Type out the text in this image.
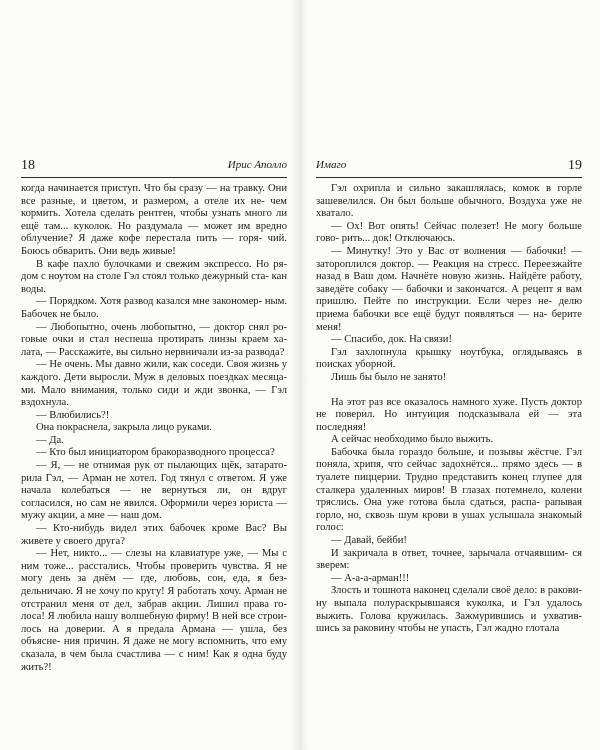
18	Ирис Аполло

когда начинается приступ. Что бы сразу — на травку. Они все разные, и цветом, и размером, а отеле их не- чем кормить. Хотела сделать рентген, чтобы узнать много ли ещё там... куколок. Но раздумала — может им вредно облучение? Я даже кофе перестала пить — горя- чий. Боюсь обварить. Они ведь живые!

В кафе пахло булочками и свежим экспрессо. Но ря- дом с ноутом на столе Гэл стоял только дежурный ста- кан воды.

— Порядком. Хотя развод казался мне закономер- ным. Бабочек не было.

— Любопытно, очень любопытно, — доктор снял ро- говые очки и стал неспеша протирать линзы краем ха- лата, — Расскажите, вы сильно нервничали из-за развода?

— Не очень. Мы давно жили, как соседи. Своя жизнь у каждого. Дети выросли. Муж в деловых поездках месяца- ми. Мало внимания, только сиди и жди звонка, — Гэл вздохнула.

— Влюбились?!

Она покраснела, закрыла лицо руками.

— Да.

— Кто был инициатором бракоразводного процесса?

— Я, — не отнимая рук от пылающих щёк, затарато- рила Гэл, — Арман не хотел. Год тянул с ответом. Я уже начала колебаться — не вернуться ли, он вдруг согласился, но сам не явился. Оформили через юриста — мужу акции, а мне — наш дом.

— Кто-нибудь видел этих бабочек кроме Вас? Вы живете у своего друга?

— Нет, никто... — слезы на клавиатуре уже, — Мы с ним тоже... расстались. Чтобы проверить чувства. Я не могу день за днём — где, любовь, сон, еда, я без- дельничаю. Я не хочу по кругу! Я работать хочу. Арман не отстранил меня от дел, забрав акции. Лишил права го- лоса! Я любила нашу волшебную фирму! В ней все строи- лось на доверии. А я предала Армана — ушла, без объясне- ния причин. Я даже не могу вспомнить, что ему сказала, в чем была счастлива — с ним! Как я одна буду жить?!

Имаго	19

Гэл охрипла и сильно закашлялась, комок в горле зашевелился. Он был больше обычного. Воздуха уже не хватало.

— Ох! Вот опять! Сейчас полезет! Не могу больше гово- рить... док! Отключаюсь.

— Минутку! Это у Вас от волнения — бабочки! — затороплился доктор. — Реакция на стресс. Переезжайте назад в Ваш дом. Начнёте новую жизнь. Найдёте работу, заведёте собаку — бабочки и закончатся. А рецепт я вам пришлю. Пейте по инструкции. Если через не- делю приема бабочки все ещё будут появляться — на- берите меня!

— Спасибо, док. На связи!

Гэл захлопнула крышку ноутбука, оглядываясь в поисках уборной.

Лишь бы было не занято!

На этот раз все оказалось намного хуже. Пусть доктор не поверил. Но интуиция подсказывала ей — эта последняя!

А сейчас необходимо было выжить.

Бабочка была гораздо больше, и позывы жёстче. Гэл поняла, хрипя, что сейчас задохнётся... прямо здесь — в туалете пиццерии. Трудно представить конец глупее для сталкера удаленных миров! В глазах потемнело, колени тряслись. Она уже готова была сдаться, распа- рапывая горло, но, сквозь шум крови в ушах услышала знакомый голос:

— Давай, бейби!

И закричала в ответ, точнее, зарычала отчаявшим- ся зверем:

— А-а-а-арман!!!

Злость и тошнота наконец сделали своё дело: в ракови- ну выпала полураскрывшаяся куколка, и Гэл удалось выжить. Голова кружилась. Зажмурившись и ухватив- шись за раковину чтобы не упасть, Гэл жадно глотала
